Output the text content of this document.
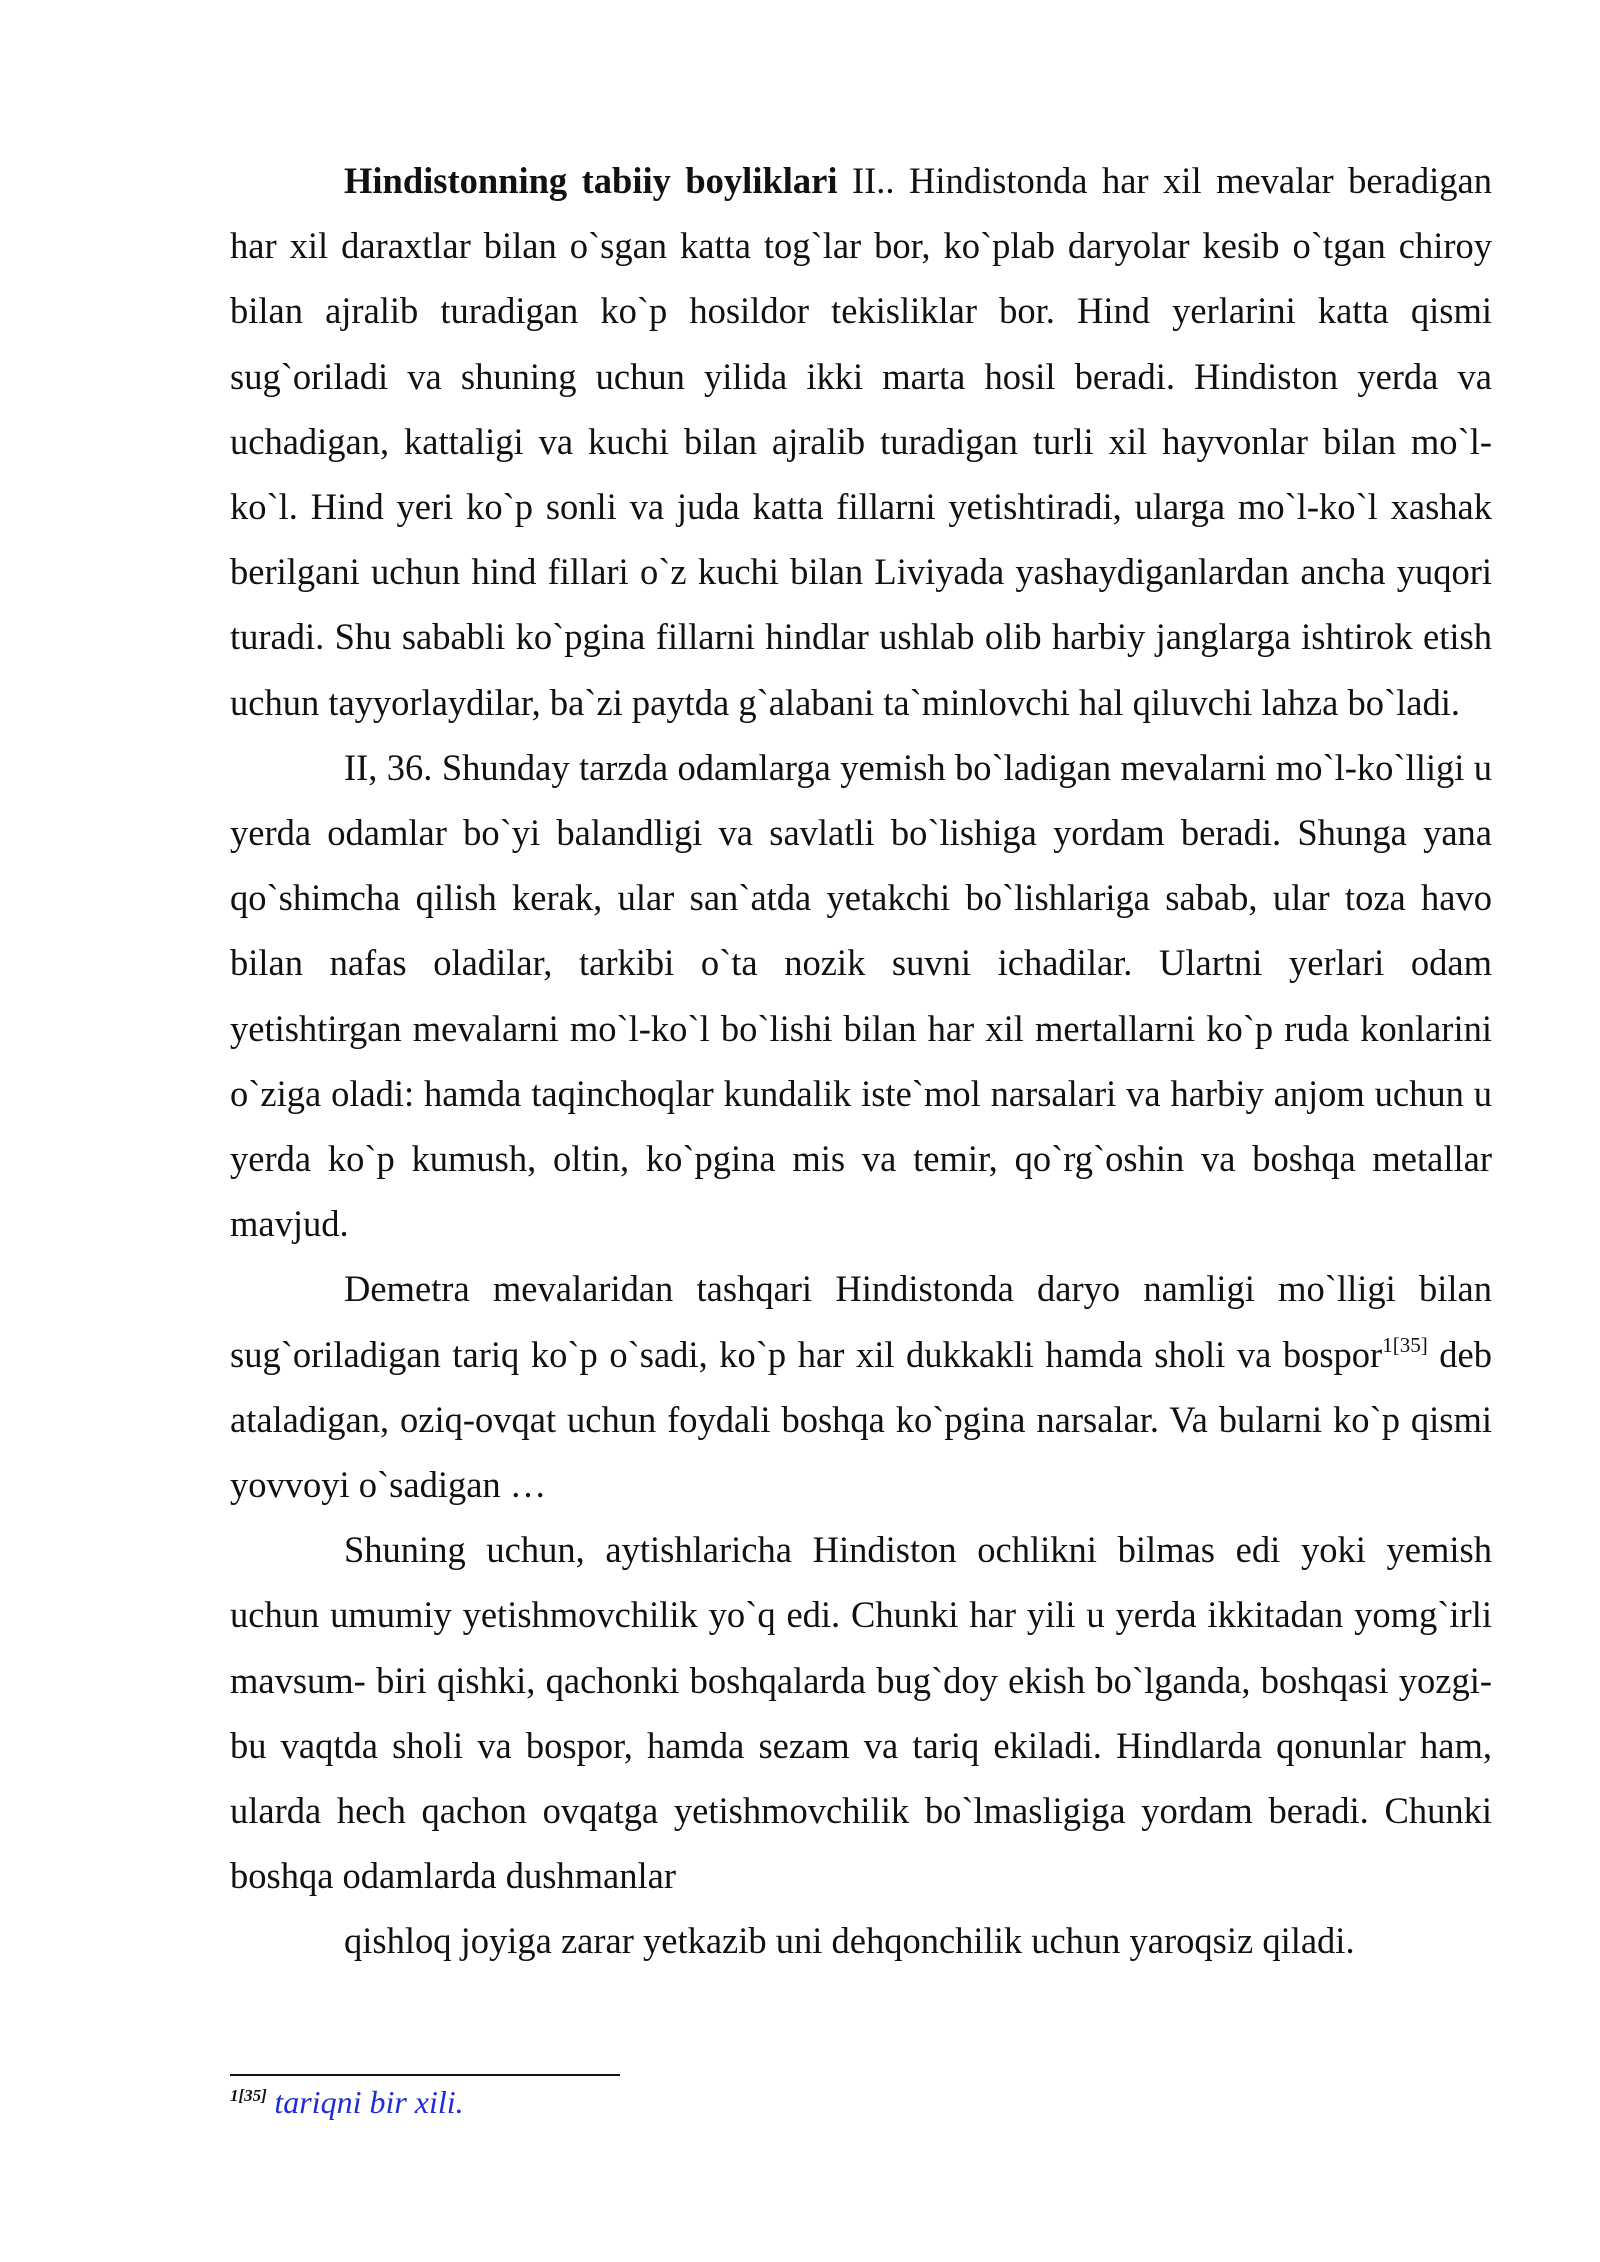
Hindistonning tabiiy boyliklari II.. Hindistonda har xil mevalar beradigan har xil daraxtlar bilan o`sgan katta tog`lar bor, ko`plab daryolar kesib o`tgan chiroy bilan ajralib turadigan ko`p hosildor tekisliklar bor. Hind yerlarini katta qismi sug`oriladi va shuning uchun yilida ikki marta hosil beradi. Hindiston yerda va uchadigan, kattaligi va kuchi bilan ajralib turadigan turli xil hayvonlar bilan mo`l-ko`l. Hind yeri ko`p sonli va juda katta fillarni yetishtiradi, ularga mo`l-ko`l xashak berilgani uchun hind fillari o`z kuchi bilan Liviyada yashaydiganlardan ancha yuqori turadi. Shu sababli ko`pgina fillarni hindlar ushlab olib harbiy janglarga ishtirok etish uchun tayyorlaydilar, ba`zi paytda g`alabani ta`minlovchi hal qiluvchi lahza bo`ladi.

II, 36. Shunday tarzda odamlarga yemish bo`ladigan mevalarni mo`l-ko`lligi u yerda odamlar bo`yi balandligi va savlatli bo`lishiga yordam beradi. Shunga yana qo`shimcha qilish kerak, ular san`atda yetakchi bo`lishlariga sabab, ular toza havo bilan nafas oladilar, tarkibi o`ta nozik suvni ichadilar. Ulartni yerlari odam yetishtirgan mevalarni mo`l-ko`l bo`lishi bilan har xil mertallarni ko`p ruda konlarini o`ziga oladi: hamda taqinchoqlar kundalik iste`mol narsalari va harbiy anjom uchun u yerda ko`p kumush, oltin, ko`pgina mis va temir, qo`rg`oshin va boshqa metallar mavjud.

Demetra mevalaridan tashqari Hindistonda daryo namligi mo`lligi bilan sug`oriladigan tariq ko`p o`sadi, ko`p har xil dukkakli hamda sholi va bospor$^{1[35]}$ deb ataladigan, oziq-ovqat uchun foydali boshqa ko`pgina narsalar. Va bularni ko`p qismi yovvoyi o`sadigan …

Shuning uchun, aytishlaricha Hindiston ochlikni bilmas edi yoki yemish uchun umumiy yetishmovchilik yo`q edi. Chunki har yili u yerda ikkitadan yomg`irli mavsum- biri qishki, qachonki boshqalarda bug`doy ekish bo`lganda, boshqasi yozgi- bu vaqtda sholi va bospor, hamda sezam va tariq ekiladi. Hindlarda qonunlar ham, ularda hech qachon ovqatga yetishmovchilik bo`lmasligiga yordam beradi. Chunki boshqa odamlarda dushmanlar

qishloq joyiga zarar yetkazib uni dehqonchilik uchun yaroqsiz qiladi.

$^{1[35]}$ tariqni bir xili.
